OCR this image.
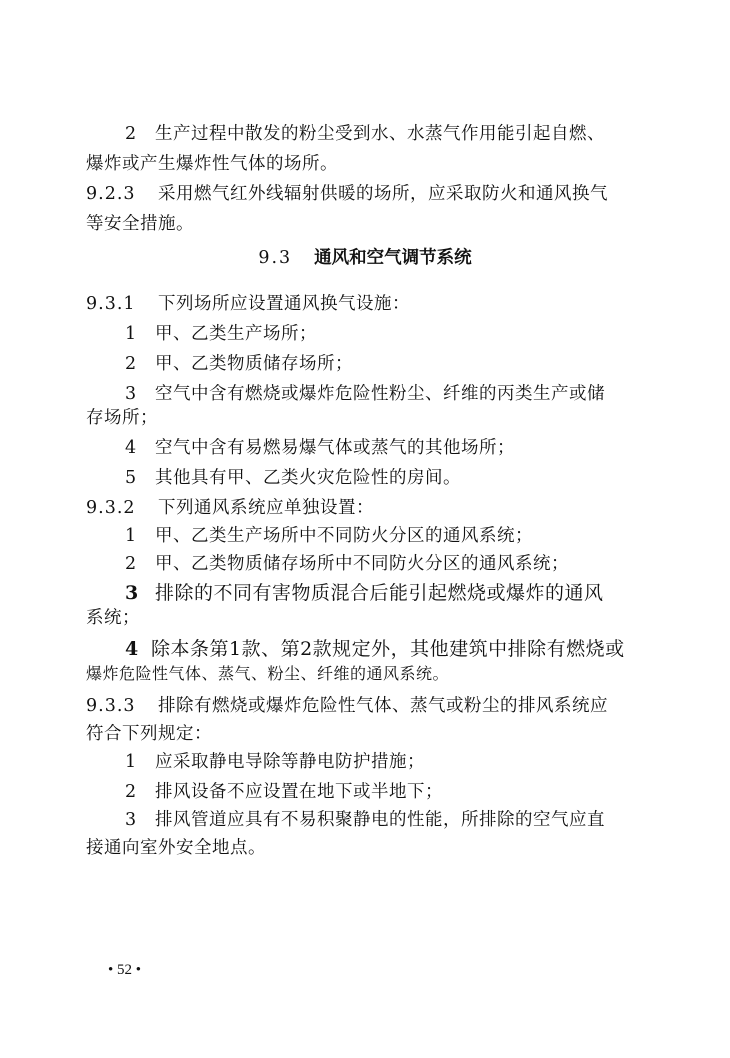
2 生产过程中散发的粉尘受到水、水蒸气作用能引起自燃、
爆炸或产生爆炸性气体的场所。
9.2.3 采用燃气红外线辐射供暖的场所，应采取防火和通风换气
等安全措施。
9.3 通风和空气调节系统
9.3.1 下列场所应设置通风换气设施：
1 甲、乙类生产场所；
2 甲、乙类物质储存场所；
3 空气中含有燃烧或爆炸危险性粉尘、纤维的丙类生产或储
存场所；
4 空气中含有易燃易爆气体或蒸气的其他场所；
5 其他具有甲、乙类火灾危险性的房间。
9.3.2 下列通风系统应单独设置：
1 甲、乙类生产场所中不同防火分区的通风系统；
2 甲、乙类物质储存场所中不同防火分区的通风系统；
3 排除的不同有害物质混合后能引起燃烧或爆炸的通风
系统；
4 除本条第1款、第2款规定外，其他建筑中排除有燃烧或
爆炸危险性气体、蒸气、粉尘、纤维的通风系统。
9.3.3 排除有燃烧或爆炸危险性气体、蒸气或粉尘的排风系统应
符合下列规定：
1 应采取静电导除等静电防护措施；
2 排风设备不应设置在地下或半地下；
3 排风管道应具有不易积聚静电的性能，所排除的空气应直
接通向室外安全地点。
• 52 •
